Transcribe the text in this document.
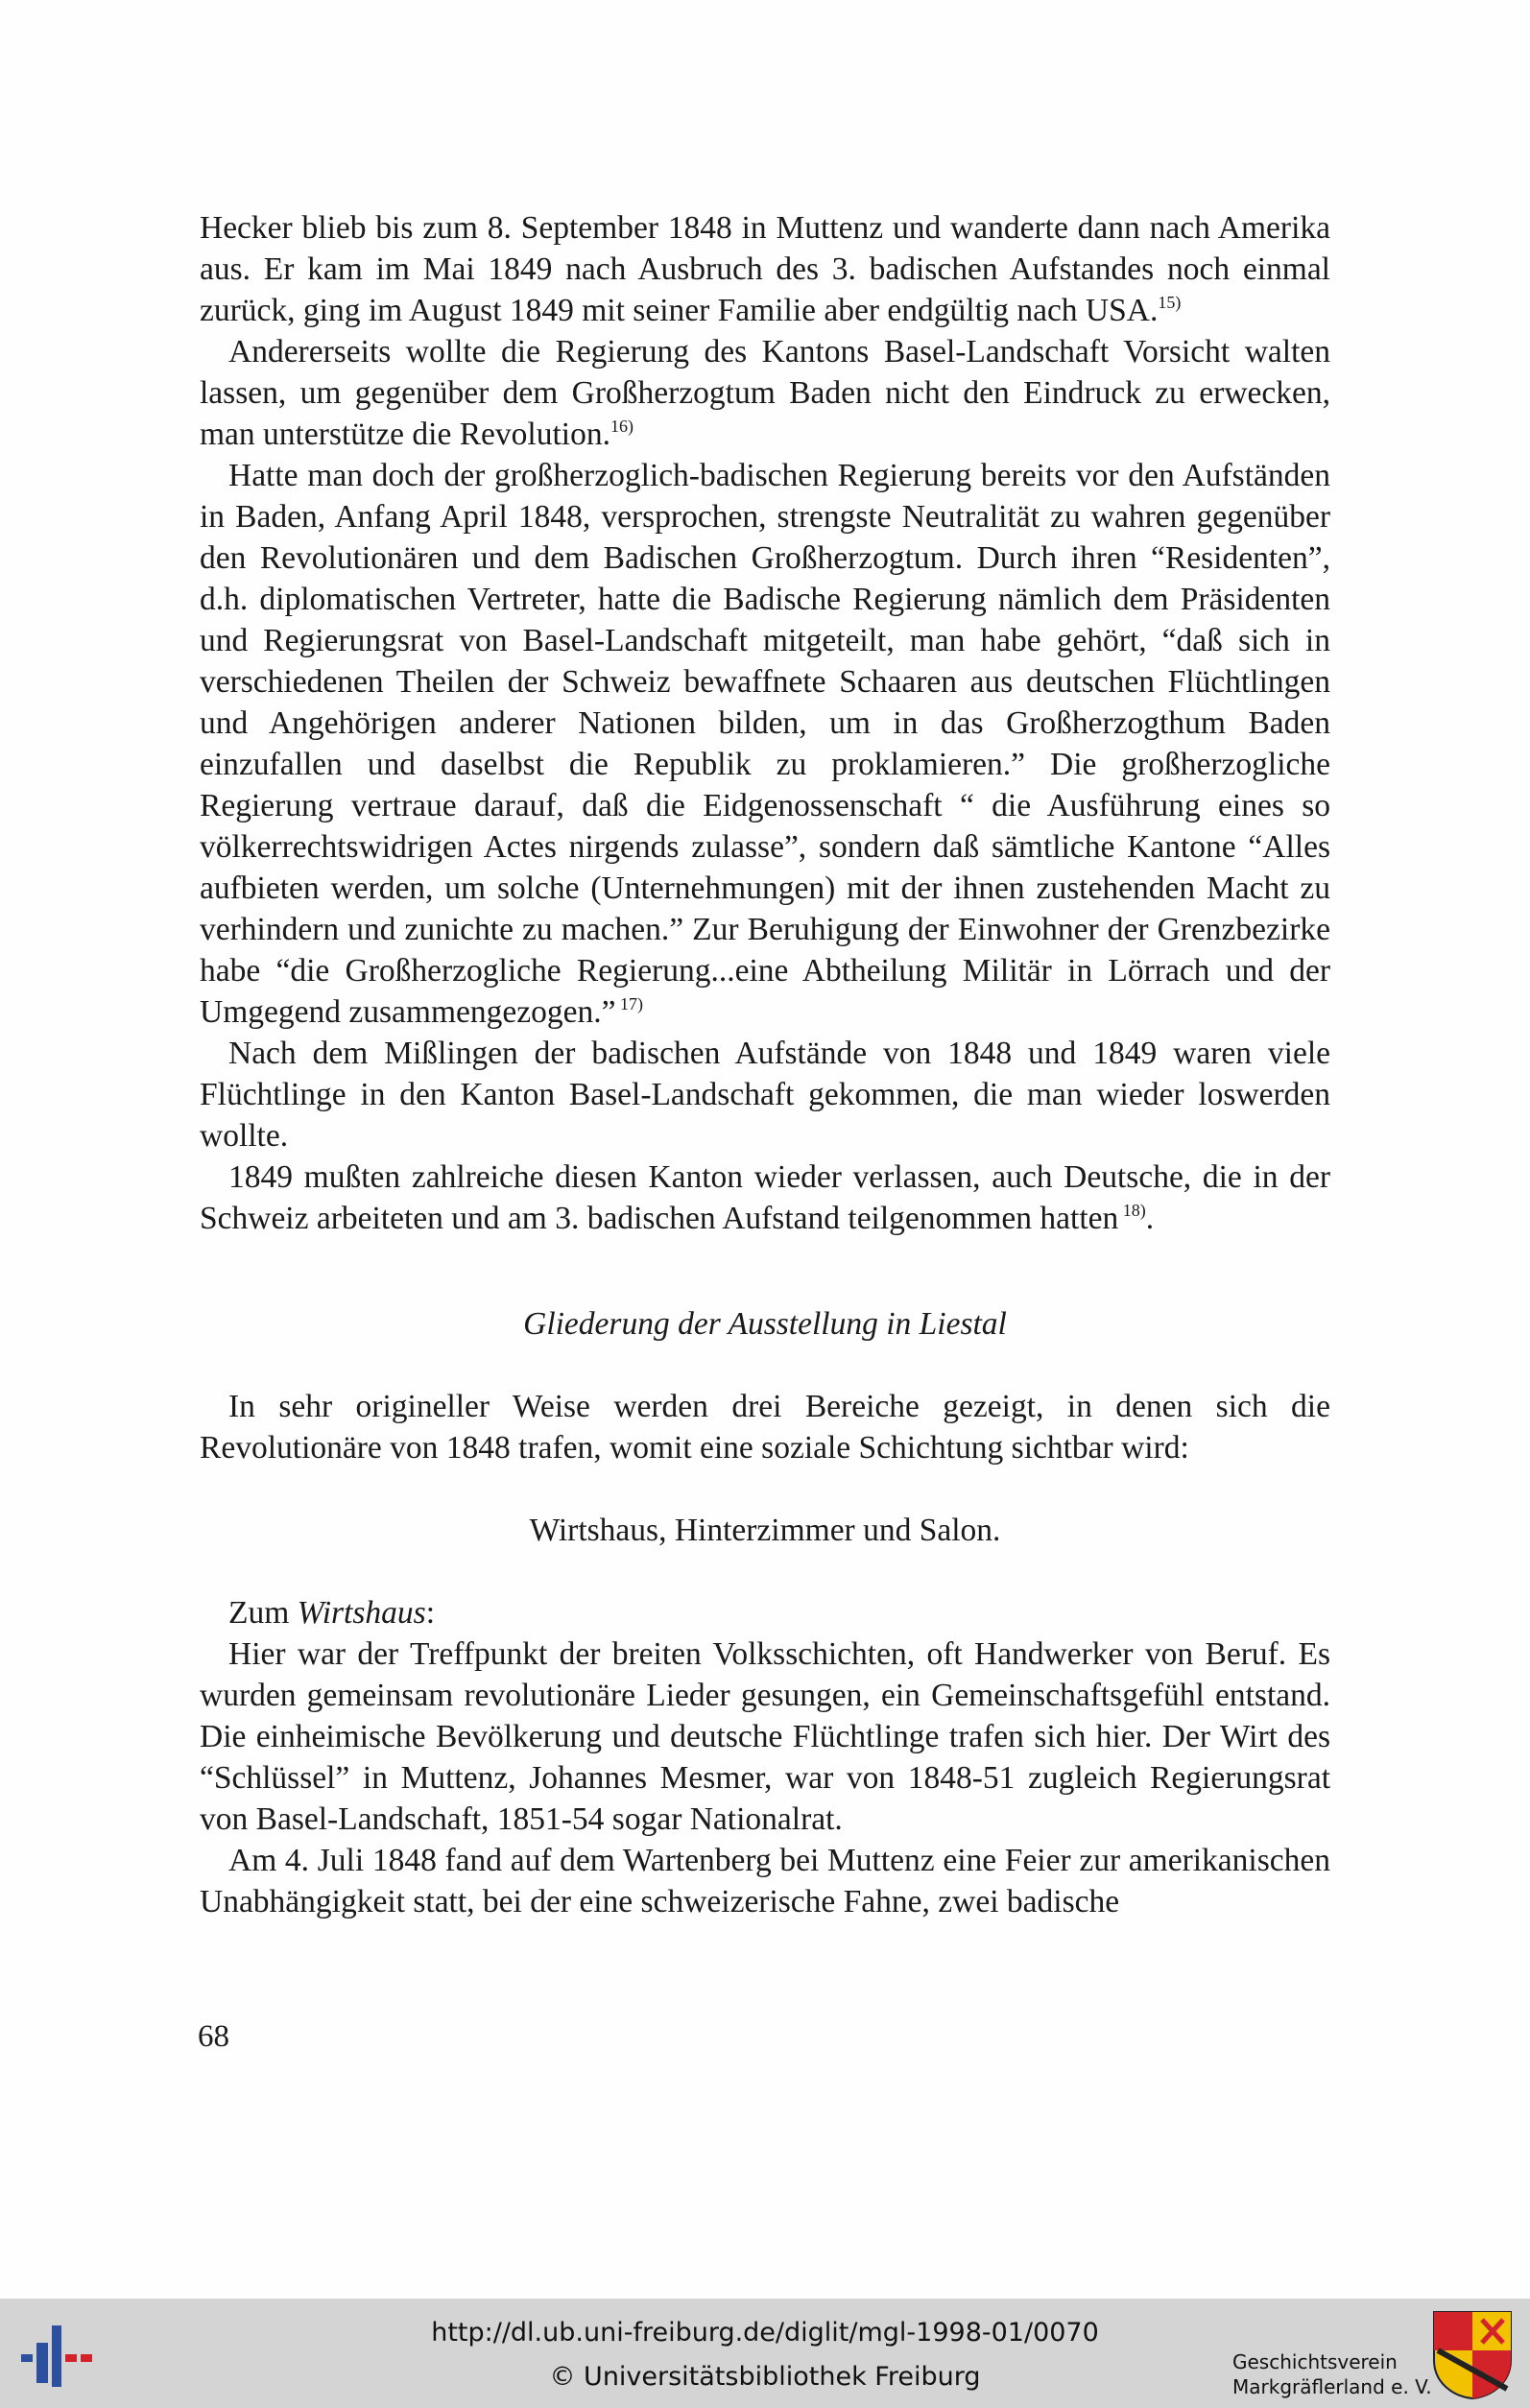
Hecker blieb bis zum 8. September 1848 in Muttenz und wanderte dann nach Amerika aus. Er kam im Mai 1849 nach Ausbruch des 3. badischen Aufstandes noch einmal zurück, ging im August 1849 mit seiner Familie aber endgültig nach USA.$^{15)}$

Andererseits wollte die Regierung des Kantons Basel-Landschaft Vorsicht walten lassen, um gegenüber dem Großherzogtum Baden nicht den Eindruck zu erwecken, man unterstütze die Revolution.$^{16)}$

Hatte man doch der großherzoglich-badischen Regierung bereits vor den Aufständen in Baden, Anfang April 1848, versprochen, strengste Neutralität zu wahren gegenüber den Revolutionären und dem Badischen Großherzogtum. Durch ihren “Residenten”, d.h. diplomatischen Vertreter, hatte die Badische Regierung nämlich dem Präsidenten und Regierungsrat von Basel-Landschaft mitgeteilt, man habe gehört, “daß sich in verschiedenen Theilen der Schweiz bewaffnete Schaaren aus deutschen Flüchtlingen und Angehörigen anderer Nationen bilden, um in das Großherzogthum Baden einzufallen und daselbst die Republik zu proklamieren.” Die großherzogliche Regierung vertraue darauf, daß die Eidgenossenschaft “ die Ausführung eines so völkerrechtswidrigen Actes nirgends zulasse”, sondern daß sämtliche Kantone “Alles aufbieten werden, um solche (Unternehmungen) mit der ihnen zustehenden Macht zu verhindern und zunichte zu machen.” Zur Beruhigung der Einwohner der Grenzbezirke habe “die Großherzogliche Regierung...eine Abtheilung Militär in Lörrach und der Umgegend zusammengezogen.” $^{17)}$

Nach dem Mißlingen der badischen Aufstände von 1848 und 1849 waren viele Flüchtlinge in den Kanton Basel-Landschaft gekommen, die man wieder loswerden wollte.

1849 mußten zahlreiche diesen Kanton wieder verlassen, auch Deutsche, die in der Schweiz arbeiteten und am 3. badischen Aufstand teilgenommen hatten $^{18)}$.

Gliederung der Ausstellung in Liestal

In sehr origineller Weise werden drei Bereiche gezeigt, in denen sich die Revolutionäre von 1848 trafen, womit eine soziale Schichtung sichtbar wird:

Wirtshaus, Hinterzimmer und Salon.

Zum Wirtshaus:

Hier war der Treffpunkt der breiten Volksschichten, oft Handwerker von Beruf. Es wurden gemeinsam revolutionäre Lieder gesungen, ein Gemeinschaftsgefühl entstand. Die einheimische Bevölkerung und deutsche Flüchtlinge trafen sich hier. Der Wirt des “Schlüssel” in Muttenz, Johannes Mesmer, war von 1848-51 zugleich Regierungsrat von Basel-Landschaft, 1851-54 sogar Nationalrat.

Am 4. Juli 1848 fand auf dem Wartenberg bei Muttenz eine Feier zur amerikanischen Unabhängigkeit statt, bei der eine schweizerische Fahne, zwei badische

68
http://dl.ub.uni-freiburg.de/diglit/mgl-1998-01/0070
© Universitätsbibliothek Freiburg	Geschichtsverein
Markgräflerland e. V.
